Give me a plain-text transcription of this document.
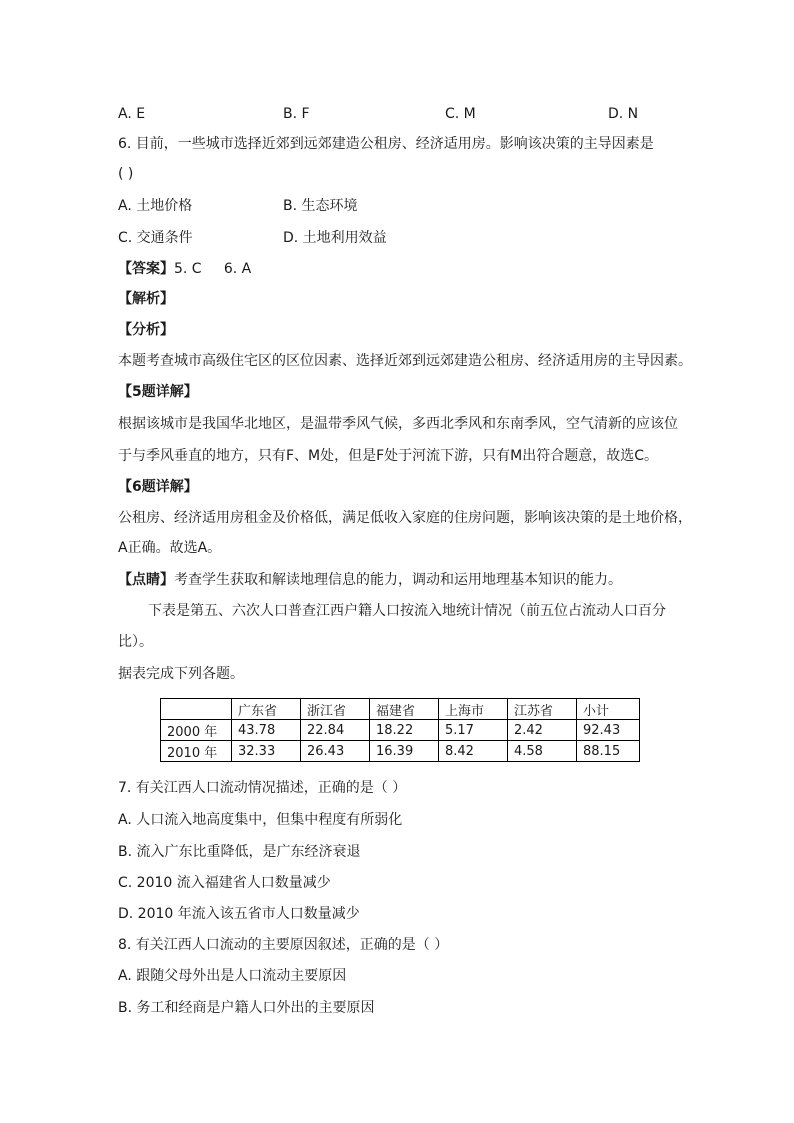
A. E	B. F	C. M	D. N
6. 目前，一些城市选择近郊到远郊建造公租房、经济适用房。影响该决策的主导因素是
( )
A. 土地价格	B. 生态环境
C. 交通条件	D. 土地利用效益
【答案】5. C     6. A
【解析】
【分析】
本题考查城市高级住宅区的区位因素、选择近郊到远郊建造公租房、经济适用房的主导因素。
【5题详解】
根据该城市是我国华北地区，是温带季风气候，多西北季风和东南季风，空气清新的应该位
于与季风垂直的地方，只有F、M处，但是F处于河流下游，只有M出符合题意，故选C。
【6题详解】
公租房、经济适用房租金及价格低，满足低收入家庭的住房问题，影响该决策的是土地价格，
A正确。故选A。
【点睛】考查学生获取和解读地理信息的能力，调动和运用地理基本知识的能力。
下表是第五、六次人口普查江西户籍人口按流入地统计情况（前五位占流动人口百分
比）。
据表完成下列各题。
	广东省	浙江省	福建省	上海市	江苏省	小计
2000 年	43.78	22.84	18.22	5.17	2.42	92.43
2010 年	32.33	26.43	16.39	8.42	4.58	88.15
7. 有关江西人口流动情况描述，正确的是（ ）
A. 人口流入地高度集中，但集中程度有所弱化
B. 流入广东比重降低，是广东经济衰退
C. 2010 流入福建省人口数量减少
D. 2010 年流入该五省市人口数量减少
8. 有关江西人口流动的主要原因叙述，正确的是（ ）
A. 跟随父母外出是人口流动主要原因
B. 务工和经商是户籍人口外出的主要原因
